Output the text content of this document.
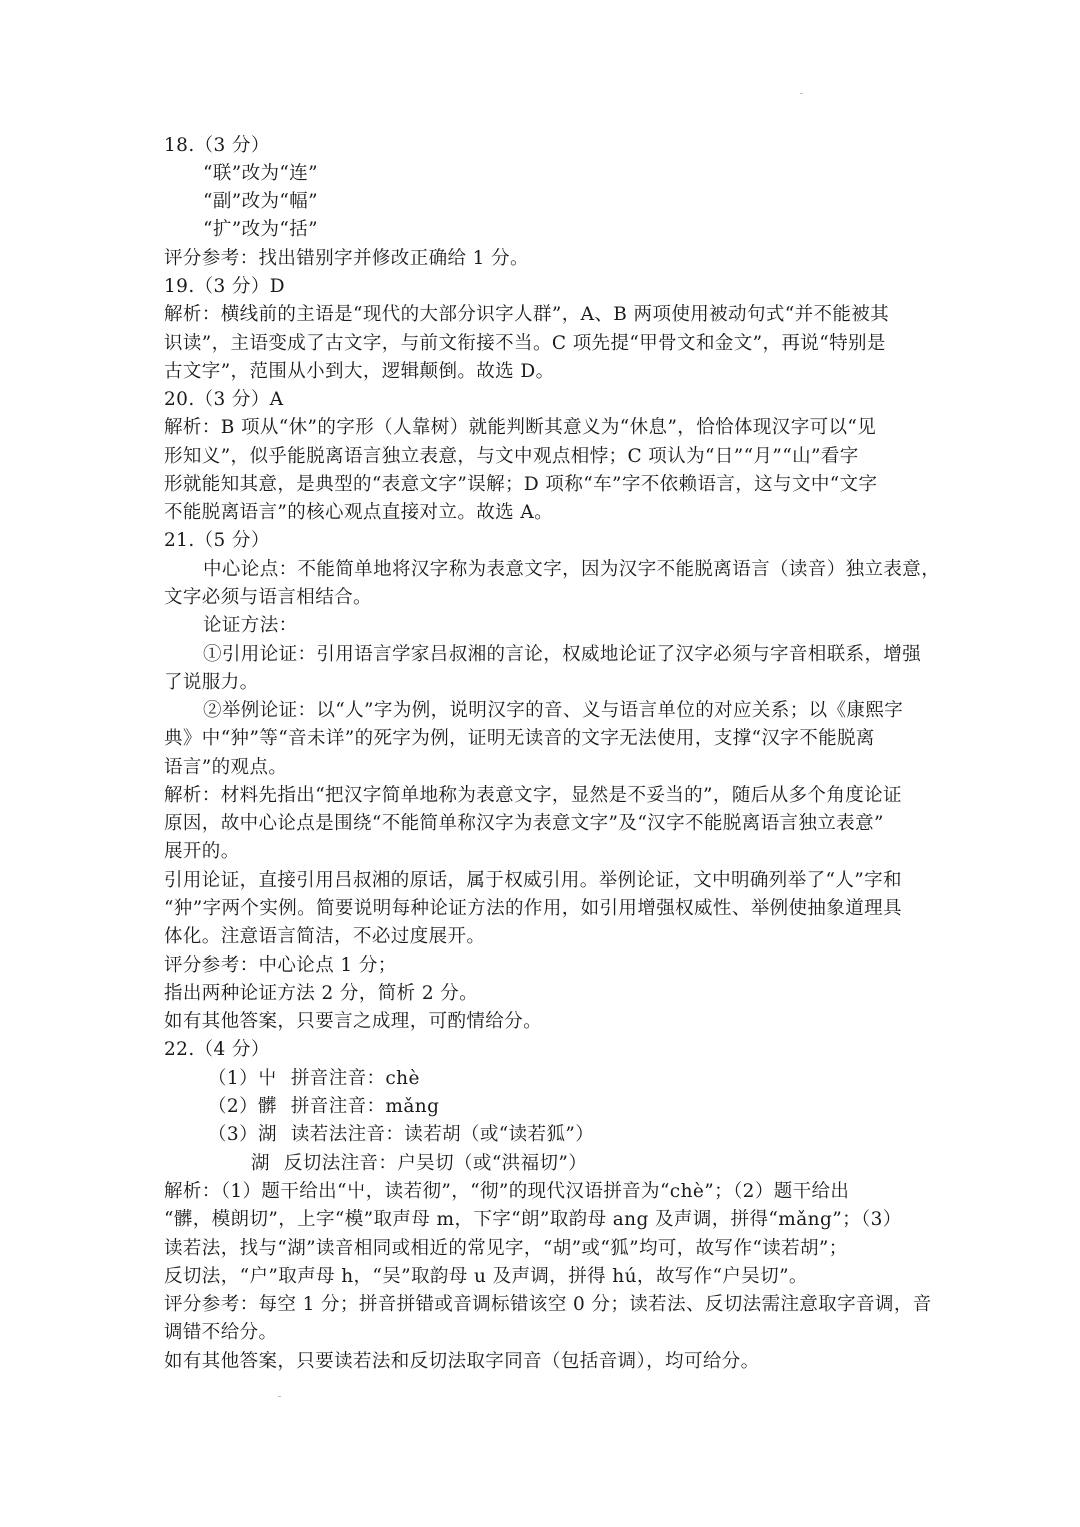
18.（3 分）
“联”改为“连”
“副”改为“幅”
“扩”改为“括”
评分参考：找出错别字并修改正确给 1 分。
19.（3 分）D
解析：横线前的主语是“现代的大部分识字人群”，A、B 两项使用被动句式“并不能被其
识读”，主语变成了古文字，与前文衔接不当。C 项先提“甲骨文和金文”，再说“特别是
古文字”，范围从小到大，逻辑颠倒。故选 D。
20.（3 分）A
解析：B 项从“休”的字形（人靠树）就能判断其意义为“休息”，恰恰体现汉字可以“见
形知义”，似乎能脱离语言独立表意，与文中观点相悖；C 项认为“日”“月”“山”看字
形就能知其意，是典型的“表意文字”误解；D 项称“车”字不依赖语言，这与文中“文字
不能脱离语言”的核心观点直接对立。故选 A。
21.（5 分）
中心论点：不能简单地将汉字称为表意文字，因为汉字不能脱离语言（读音）独立表意，
文字必须与语言相结合。
论证方法：
①引用论证：引用语言学家吕叔湘的言论，权威地论证了汉字必须与字音相联系，增强
了说服力。
②举例论证：以“人”字为例，说明汉字的音、义与语言单位的对应关系；以《康熙字
典》中“狆”等“音未详”的死字为例，证明无读音的文字无法使用，支撑“汉字不能脱离
语言”的观点。
解析：材料先指出“把汉字简单地称为表意文字，显然是不妥当的”，随后从多个角度论证
原因，故中心论点是围绕“不能简单称汉字为表意文字”及“汉字不能脱离语言独立表意”
展开的。
引用论证，直接引用吕叔湘的原话，属于权威引用。举例论证，文中明确列举了“人”字和
“狆”字两个实例。简要说明每种论证方法的作用，如引用增强权威性、举例使抽象道理具
体化。注意语言简洁，不必过度展开。
评分参考：中心论点 1 分；
指出两种论证方法 2 分，简析 2 分。
如有其他答案，只要言之成理，可酌情给分。
22.（4 分）
（1）屮 拼音注音：chè
（2）髒 拼音注音：mǎng
（3）湖 读若法注音：读若胡（或“读若狐”）
湖 反切法注音：户吴切（或“洪福切”）
解析：（1）题干给出“屮，读若彻”，“彻”的现代汉语拼音为“chè”；（2）题干给出
“髒，模朗切”，上字“模”取声母 m，下字“朗”取韵母 ang 及声调，拼得“mǎng”；（3）
读若法，找与“湖”读音相同或相近的常见字，“胡”或“狐”均可，故写作“读若胡”；
反切法，“户”取声母 h，“吴”取韵母 u 及声调，拼得 hú，故写作“户吴切”。
评分参考：每空 1 分；拼音拼错或音调标错该空 0 分；读若法、反切法需注意取字音调，音
调错不给分。
如有其他答案，只要读若法和反切法取字同音（包括音调），均可给分。
